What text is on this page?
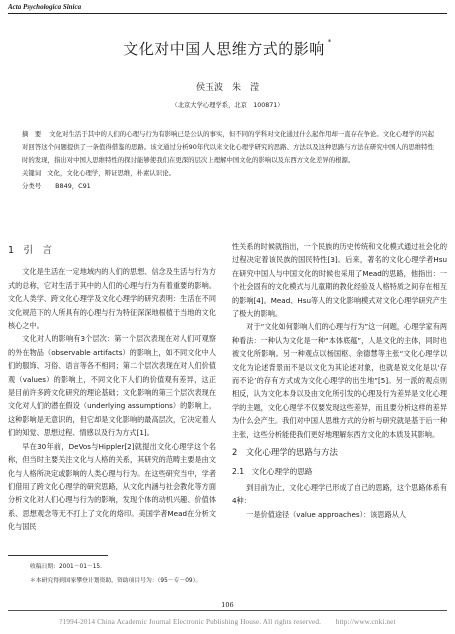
Acta Psychologica Sinica
文化对中国人思维方式的影响 *
侯玉波　朱　滢
（北京大学心理学系，北京　100871）
摘　要 文化对生活于其中的人们的心理与行为有影响已是公认的事实，但不同的学科对文化通过什么起作用却一直存在争论。文化心理学的兴起对回答这个问题提供了一条值得借鉴的思路。该文通过分析90年代以来文化心理学研究的思路、方法以及这种思路与方法在研究中国人的思维特性时的发现，指出对中国人思维特性的探讨能够使我们在更深的层次上理解中国文化的影响以及东西方文化差异的根源。
关键词 文化，文化心理学，辩证思维，朴素认识论。
分类号 B849，C91
1　引　言

文化是生活在一定地域内的人们的思想、信念及生活与行为方式的总称，它对生活于其中的人们的心理与行为有着重要的影响。文化人类学、跨文化心理学及文化心理学的研究表明：生活在不同文化规范下的人所具有的心理与行为特征深深地根植于当地的文化核心之中。

文化对人的影响有3个层次：第一个层次表现在对人们可观察的外在物品（observable artifacts）的影响上，如不同文化中人们的服饰、习俗、语言等各不相同；第二个层次表现在对人们价值观（values）的影响上，不同文化下人们的价值观有差异，这正是目前许多跨文化研究的理论基础；文化影响的第三个层次表现在文化对人们的潜在假设（underlying assumptions）的影响上，这种影响是无意识的，但它却是文化影响的最高层次，它决定着人们的知觉、思想过程、情感以及行为方式[1]。

早在30年前，DeVos与Hippler[2]就提出文化心理学这个名称，但当时主要关注文化与人格的关系，其研究的范畴主要是由文化与人格所决定或影响的人类心理与行为。在这些研究当中，学者们借用了跨文化心理学的研究思路，从文化内涵与社会教化等方面分析文化对人们心理与行为的影响，发现个体的动机兴趣、价值体系、思想观念等无不打上了文化的烙印。美国学者Mead在分析文化与国民

性关系的时候就指出，一个民族的历史传统和文化模式通过社会化的过程决定着该民族的国民特性[3]。后来，著名的文化心理学者Hsu在研究中国人与中国文化的时候也采用了Mead的思路，他指出：一个社会固有的文化模式与儿童期的教化经验及人格特质之间存在相互的影响[4]。Mead、Hsu等人的文化影响模式对文化心理学研究产生了极大的影响。

对于“文化如何影响人们的心理与行为”这一问题，心理学家有两种看法：一种认为文化是一种“本体底蕴”，人是文化的主体，同时也被文化所影响。另一种观点以杨国枢、余德慧等主张“文化心理学以文化为论述背景而不是以文化为其论述对象，也就是说文化是以‘存而不论’的存有方式成为文化心理学的出生地”[5]。另一派的观点则相反，认为文化本身以及由文化所引发的心理及行为差异是文化心理学的主题，文化心理学不仅要发现这些差异，而且要分析这样的差异为什么会产生。我们对中国人思维方式的分析与研究就是基于后一种主张，这些分析能使我们更好地理解东西方文化的本质及其影响。

2　文化心理学的思路与方法
2.1　文化心理学的思路

到目前为止，文化心理学已形成了自己的思路，这个思路体系有4种：

一是价值途径（value approaches）：该思路从人

收稿日期：2001－01－15.
＊本研究得到国家攀登计划资助，资助项目号为：（95－专－09）。
106
?1994-2014 China Academic Journal Electronic Publishing House. All rights reserved.　　http://www.cnki.net
